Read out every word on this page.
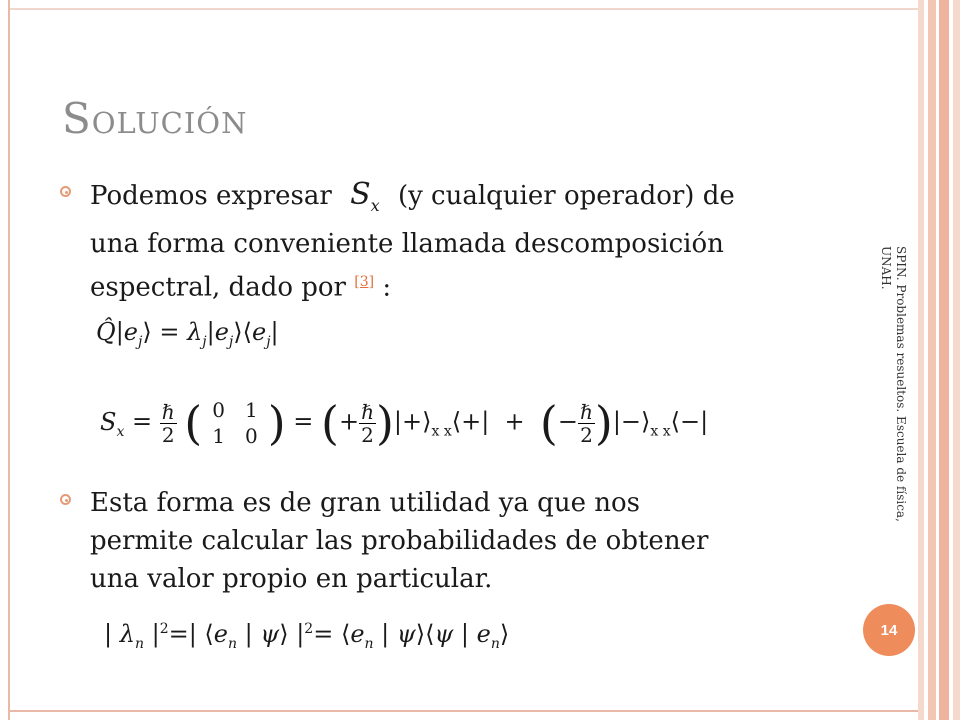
Solución
Podemos expresar $S_x$ (y cualquier operador) de
una forma conveniente llamada descomposición
espectral, dado por [3] :
$Q̂|e_j⟩$ = $\lambda_j|e_j⟩⟨e_j|$
$S_x = \frac{\text{ℏ}}{2}$ ( 0	1
1	0 ) = (+ $\frac{\text{ℏ}}{2}$ )$|+⟩_{x x}⟨+|$  +  (− $\frac{\text{ℏ}}{2}$ )$|-⟩_{x x}⟨-|$
Esta forma es de gran utilidad ya que nos
permite calcular las probabilidades de obtener
una valor propio en particular.
| $\lambda_n$ $|^2=|$ $⟨e_n$ | ψ⟩ $|^2=$ $⟨e_n$ | ψ⟩⟨ψ | $e_n⟩$
SPIN. Problemas resueltos. Escuela de física, UNAH.
14
